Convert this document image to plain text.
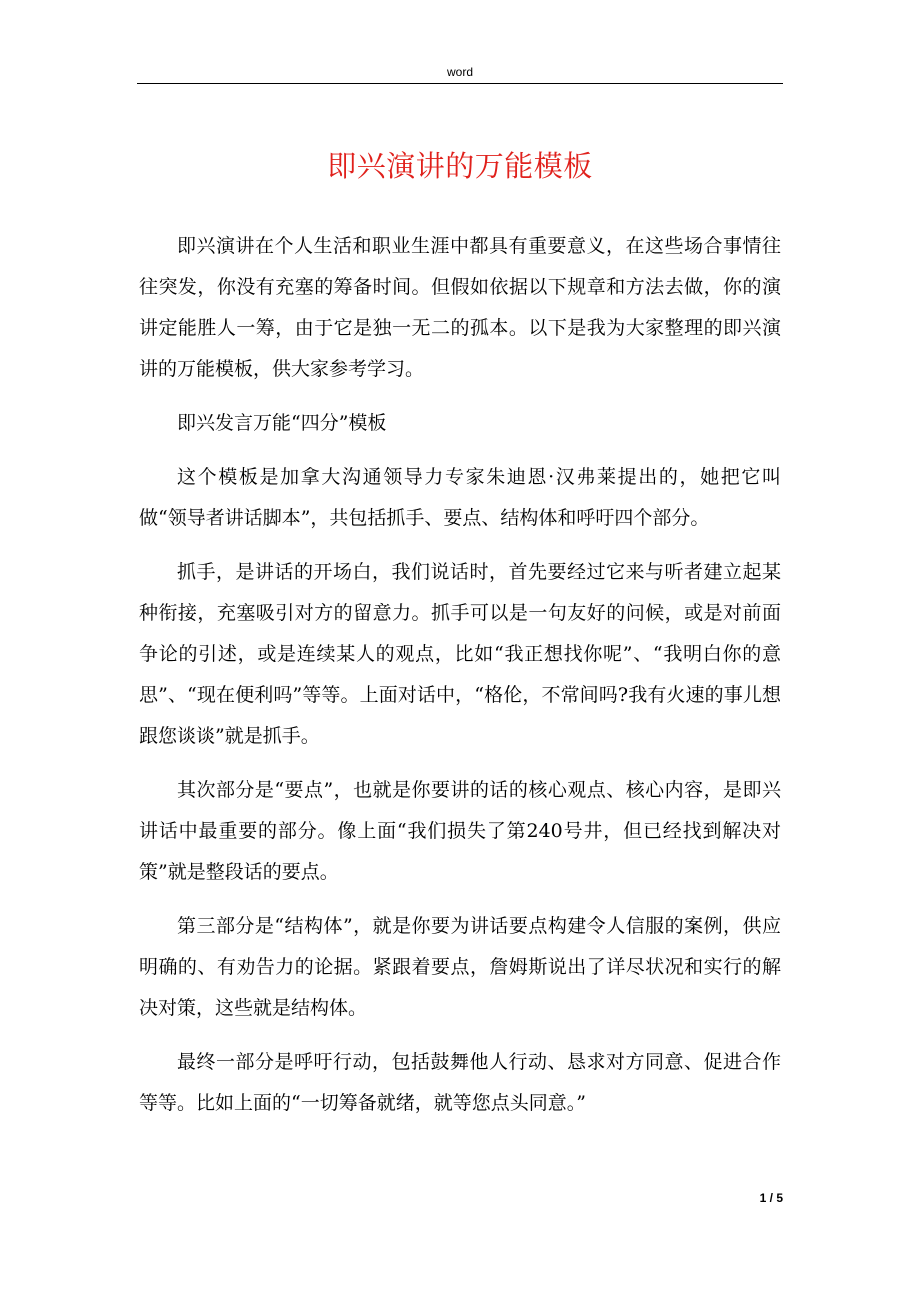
word
即兴演讲的万能模板

即兴演讲在个人生活和职业生涯中都具有重要意义，在这些场合事情往往突发，你没有充塞的筹备时间。但假如依据以下规章和方法去做，你的演讲定能胜人一筹，由于它是独一无二的孤本。以下是我为大家整理的即兴演讲的万能模板，供大家参考学习。

即兴发言万能“四分”模板

这个模板是加拿大沟通领导力专家朱迪恩·汉弗莱提出的，她把它叫做“领导者讲话脚本”，共包括抓手、要点、结构体和呼吁四个部分。

抓手，是讲话的开场白，我们说话时，首先要经过它来与听者建立起某种衔接，充塞吸引对方的留意力。抓手可以是一句友好的问候，或是对前面争论的引述，或是连续某人的观点，比如“我正想找你呢”、“我明白你的意思”、“现在便利吗”等等。上面对话中，“格伦，不常间吗?我有火速的事儿想跟您谈谈”就是抓手。

其次部分是“要点”，也就是你要讲的话的核心观点、核心内容，是即兴讲话中最重要的部分。像上面“我们损失了第240号井，但已经找到解决对策”就是整段话的要点。

第三部分是“结构体”，就是你要为讲话要点构建令人信服的案例，供应明确的、有劝告力的论据。紧跟着要点，詹姆斯说出了详尽状况和实行的解决对策，这些就是结构体。

最终一部分是呼吁行动，包括鼓舞他人行动、恳求对方同意、促进合作等等。比如上面的“一切筹备就绪，就等您点头同意。”

1 / 5
